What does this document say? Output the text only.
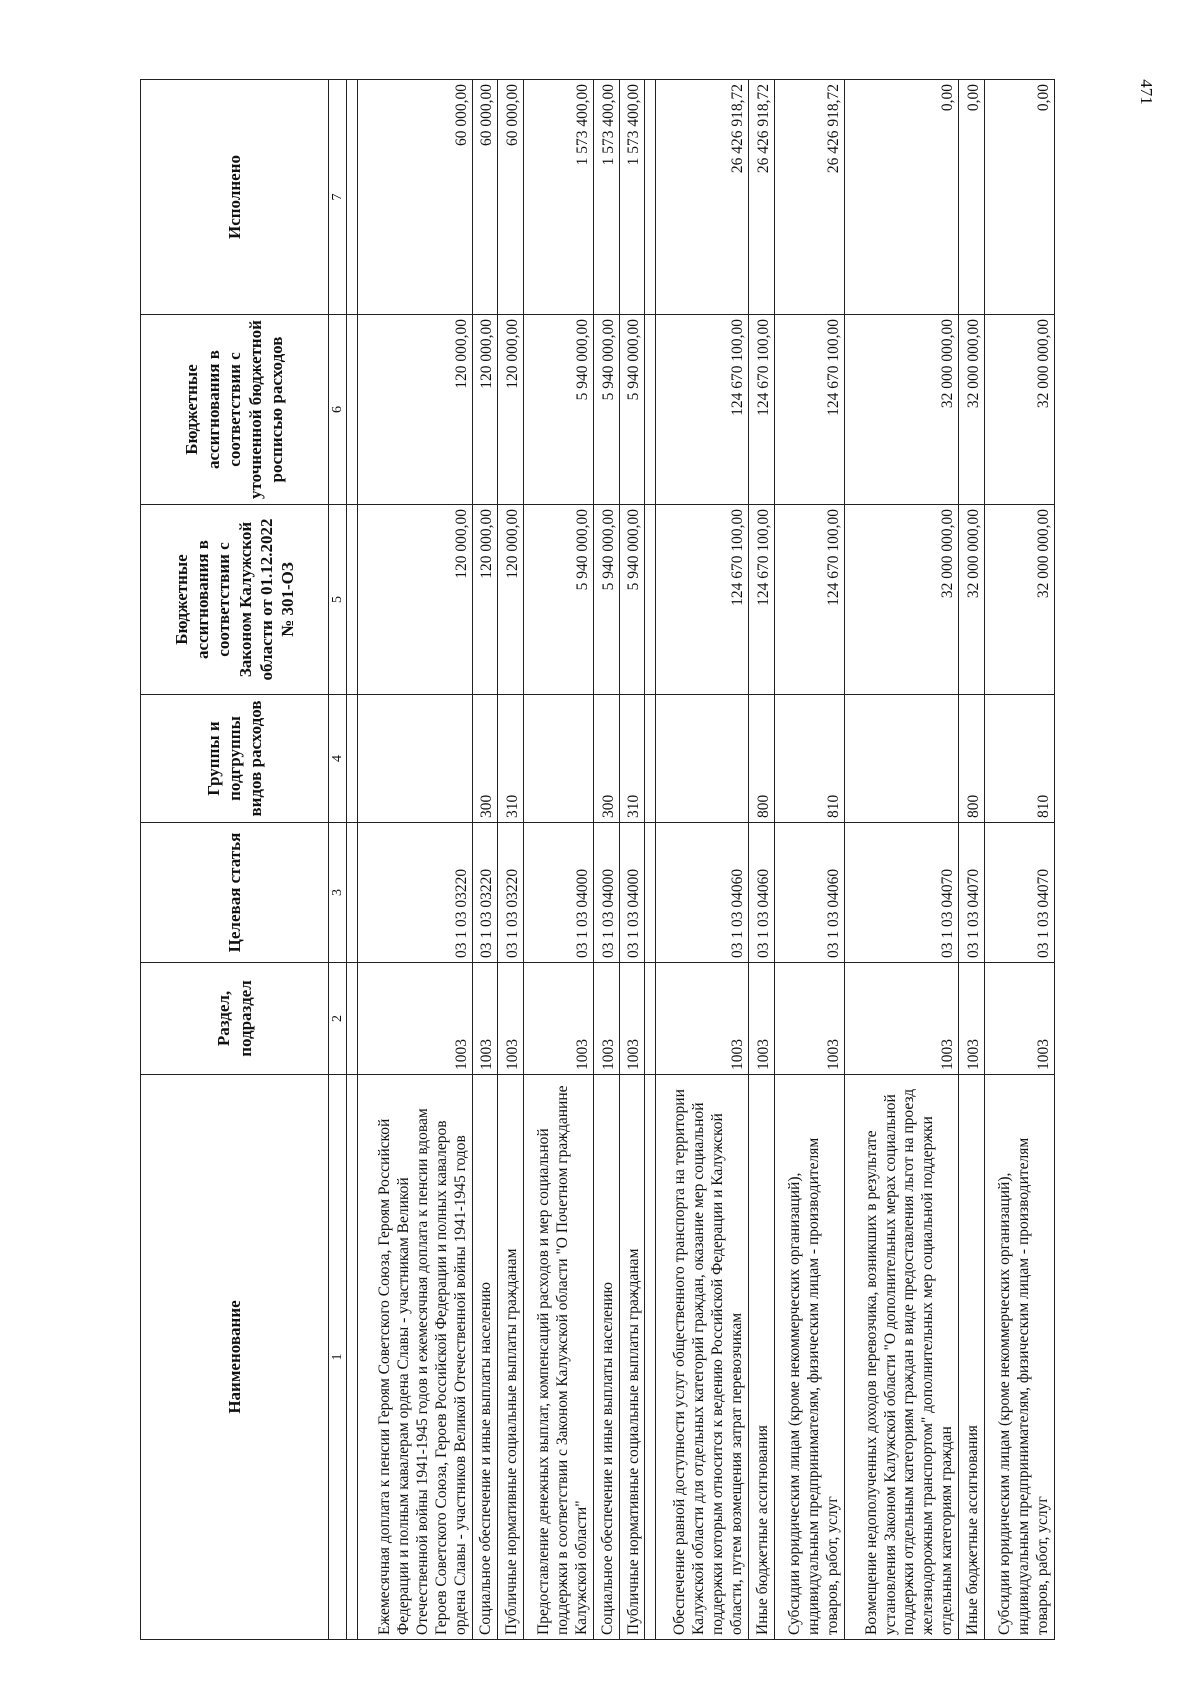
471
Наименование	Раздел, подраздел	Целевая статья	Группы и подгруппы видов расходов	Бюджетные ассигнования в соответствии с Законом Калужской области от 01.12.2022 № 301-ОЗ	Бюджетные ассигнования в соответствии с уточненной бюджетной росписью расходов	Исполнено
1	2	3	4	5	6	7

Ежемесячная доплата к пенсии Героям Советского Союза, Героям Российской Федерации и полным кавалерам ордена Славы - участникам Великой Отечественной войны 1941-1945 годов и ежемесячная доплата к пенсии вдовам Героев Советского Союза, Героев Российской Федерации и полных кавалеров ордена Славы - участников Великой Отечественной войны 1941-1945 годов	1003	03 1 03 03220		120 000,00	120 000,00	60 000,00
Социальное обеспечение и иные выплаты населению	1003	03 1 03 03220	300	120 000,00	120 000,00	60 000,00
Публичные нормативные социальные выплаты гражданам	1003	03 1 03 03220	310	120 000,00	120 000,00	60 000,00
Предоставление денежных выплат, компенсаций расходов и мер социальной поддержки в соответствии с Законом Калужской области "О Почетном гражданине Калужской области"	1003	03 1 03 04000		5 940 000,00	5 940 000,00	1 573 400,00
Социальное обеспечение и иные выплаты населению	1003	03 1 03 04000	300	5 940 000,00	5 940 000,00	1 573 400,00
Публичные нормативные социальные выплаты гражданам	1003	03 1 03 04000	310	5 940 000,00	5 940 000,00	1 573 400,00

Обеспечение равной доступности услуг общественного транспорта на территории Калужской области для отдельных категорий граждан, оказание мер социальной поддержки которым относится к ведению Российской Федерации и Калужской области, путем возмещения затрат перевозчикам	1003	03 1 03 04060		124 670 100,00	124 670 100,00	26 426 918,72
Иные бюджетные ассигнования	1003	03 1 03 04060	800	124 670 100,00	124 670 100,00	26 426 918,72
Субсидии юридическим лицам (кроме некоммерческих организаций), индивидуальным предпринимателям, физическим лицам - производителям товаров, работ, услуг	1003	03 1 03 04060	810	124 670 100,00	124 670 100,00	26 426 918,72
Возмещение недополученных доходов перевозчика, возникших в результате установления Законом Калужской области "О дополнительных мерах социальной поддержки отдельным категориям граждан в виде предоставления льгот на проезд железнодорожным транспортом" дополнительных мер социальной поддержки отдельным категориям граждан	1003	03 1 03 04070		32 000 000,00	32 000 000,00	0,00
Иные бюджетные ассигнования	1003	03 1 03 04070	800	32 000 000,00	32 000 000,00	0,00
Субсидии юридическим лицам (кроме некоммерческих организаций), индивидуальным предпринимателям, физическим лицам - производителям товаров, работ, услуг	1003	03 1 03 04070	810	32 000 000,00	32 000 000,00	0,00
